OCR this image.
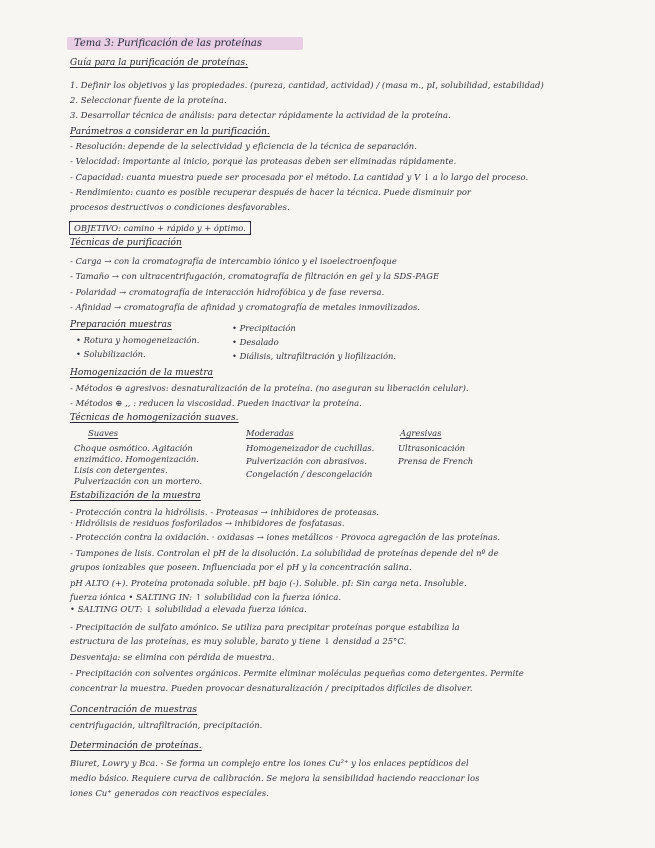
Tema 3: Purificación de las proteínas
Guía para la purificación de proteínas.
1. Definir los objetivos y las propiedades. (pureza, cantidad, actividad) / (masa m., pI, solubilidad, estabilidad)
2. Seleccionar fuente de la proteína.
3. Desarrollar técnica de análisis: para detectar rápidamente la actividad de la proteína.
Parámetros a considerar en la purificación.
- Resolución: depende de la selectividad y eficiencia de la técnica de separación.
- Velocidad: importante al inicio, porque las proteasas deben ser eliminadas rápidamente.
- Capacidad: cuanta muestra puede ser procesada por el método. La cantidad y V ↓ a lo largo del proceso.
- Rendimiento: cuanto es posible recuperar después de hacer la técnica. Puede disminuir por
procesos destructivos o condiciones desfavorables.
OBJETIVO: camino + rápido y + óptimo.
Técnicas de purificación
- Carga → con la cromatografía de intercambio iónico y el isoelectroenfoque
- Tamaño → con ultracentrifugación, cromatografía de filtración en gel y la SDS-PAGE
- Polaridad → cromatografía de interacción hidrofóbica y de fase reversa.
- Afinidad → cromatografía de afinidad y cromatografía de metales inmovilizados.
Preparación muestras
• Rotura y homogeneización.
• Solubilización.
• Precipitación
• Desalado
• Diálisis, ultrafiltración y liofilización.
Homogenización de la muestra
- Métodos ⊖ agresivos: desnaturalización de la proteína. (no aseguran su liberación celular).
- Métodos ⊕ ,, : reducen la viscosidad. Pueden inactivar la proteína.
Técnicas de homogenización suaves.
Suaves	Moderadas	Agresivas
Choque osmótico. Agitación
enzimático. Homogenización.
Lisis con detergentes.
Pulverización con un mortero.
Homogeneizador de cuchillas.
Pulverización con abrasivos.
Congelación / descongelación
Ultrasonicación
Prensa de French
Estabilización de la muestra
- Protección contra la hidrólisis. - Proteasas → inhibidores de proteasas.
· Hidrólisis de residuos fosforilados → inhibidores de fosfatasas.
- Protección contra la oxidación. · oxidasas → iones metálicos · Provoca agregación de las proteínas.
- Tampones de lisis. Controlan el pH de la disolución. La solubilidad de proteínas depende del nº de
grupos ionizables que poseen. Influenciada por el pH y la concentración salina.
pH ALTO (+). Proteína protonada soluble. pH bajo (-). Soluble. pI: Sin carga neta. Insoluble.
fuerza iónica • SALTING IN: ↑ solubilidad con la fuerza iónica.
• SALTING OUT: ↓ solubilidad a elevada fuerza iónica.
- Precipitación de sulfato amónico. Se utiliza para precipitar proteínas porque estabiliza la
estructura de las proteínas, es muy soluble, barato y tiene ↓ densidad a 25°C.
Desventaja: se elimina con pérdida de muestra.
- Precipitación con solventes orgánicos. Permite eliminar moléculas pequeñas como detergentes. Permite
concentrar la muestra. Pueden provocar desnaturalización / precipitados difíciles de disolver.
Concentración de muestras
centrifugación, ultrafiltración, precipitación.
Determinación de proteínas.
Biuret, Lowry y Bca. - Se forma un complejo entre los iones Cu²⁺ y los enlaces peptídicos del
medio básico. Requiere curva de calibración. Se mejora la sensibilidad haciendo reaccionar los
iones Cu⁺ generados con reactivos especiales.
